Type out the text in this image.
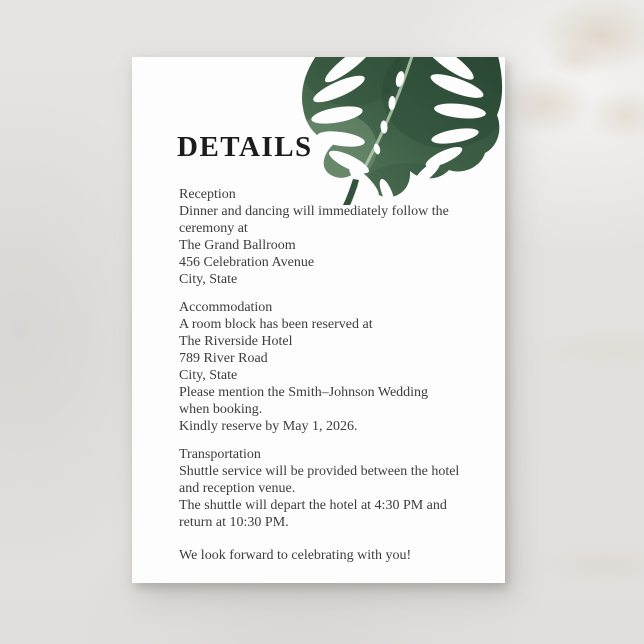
DETAILS
Reception
Dinner and dancing will immediately follow the
ceremony at
The Grand Ballroom
456 Celebration Avenue
City, State
Accommodation
A room block has been reserved at
The Riverside Hotel
789 River Road
City, State
Please mention the Smith–Johnson Wedding
when booking.
Kindly reserve by May 1, 2026.
Transportation
Shuttle service will be provided between the hotel
and reception venue.
The shuttle will depart the hotel at 4:30 PM and
return at 10:30 PM.

We look forward to celebrating with you!
